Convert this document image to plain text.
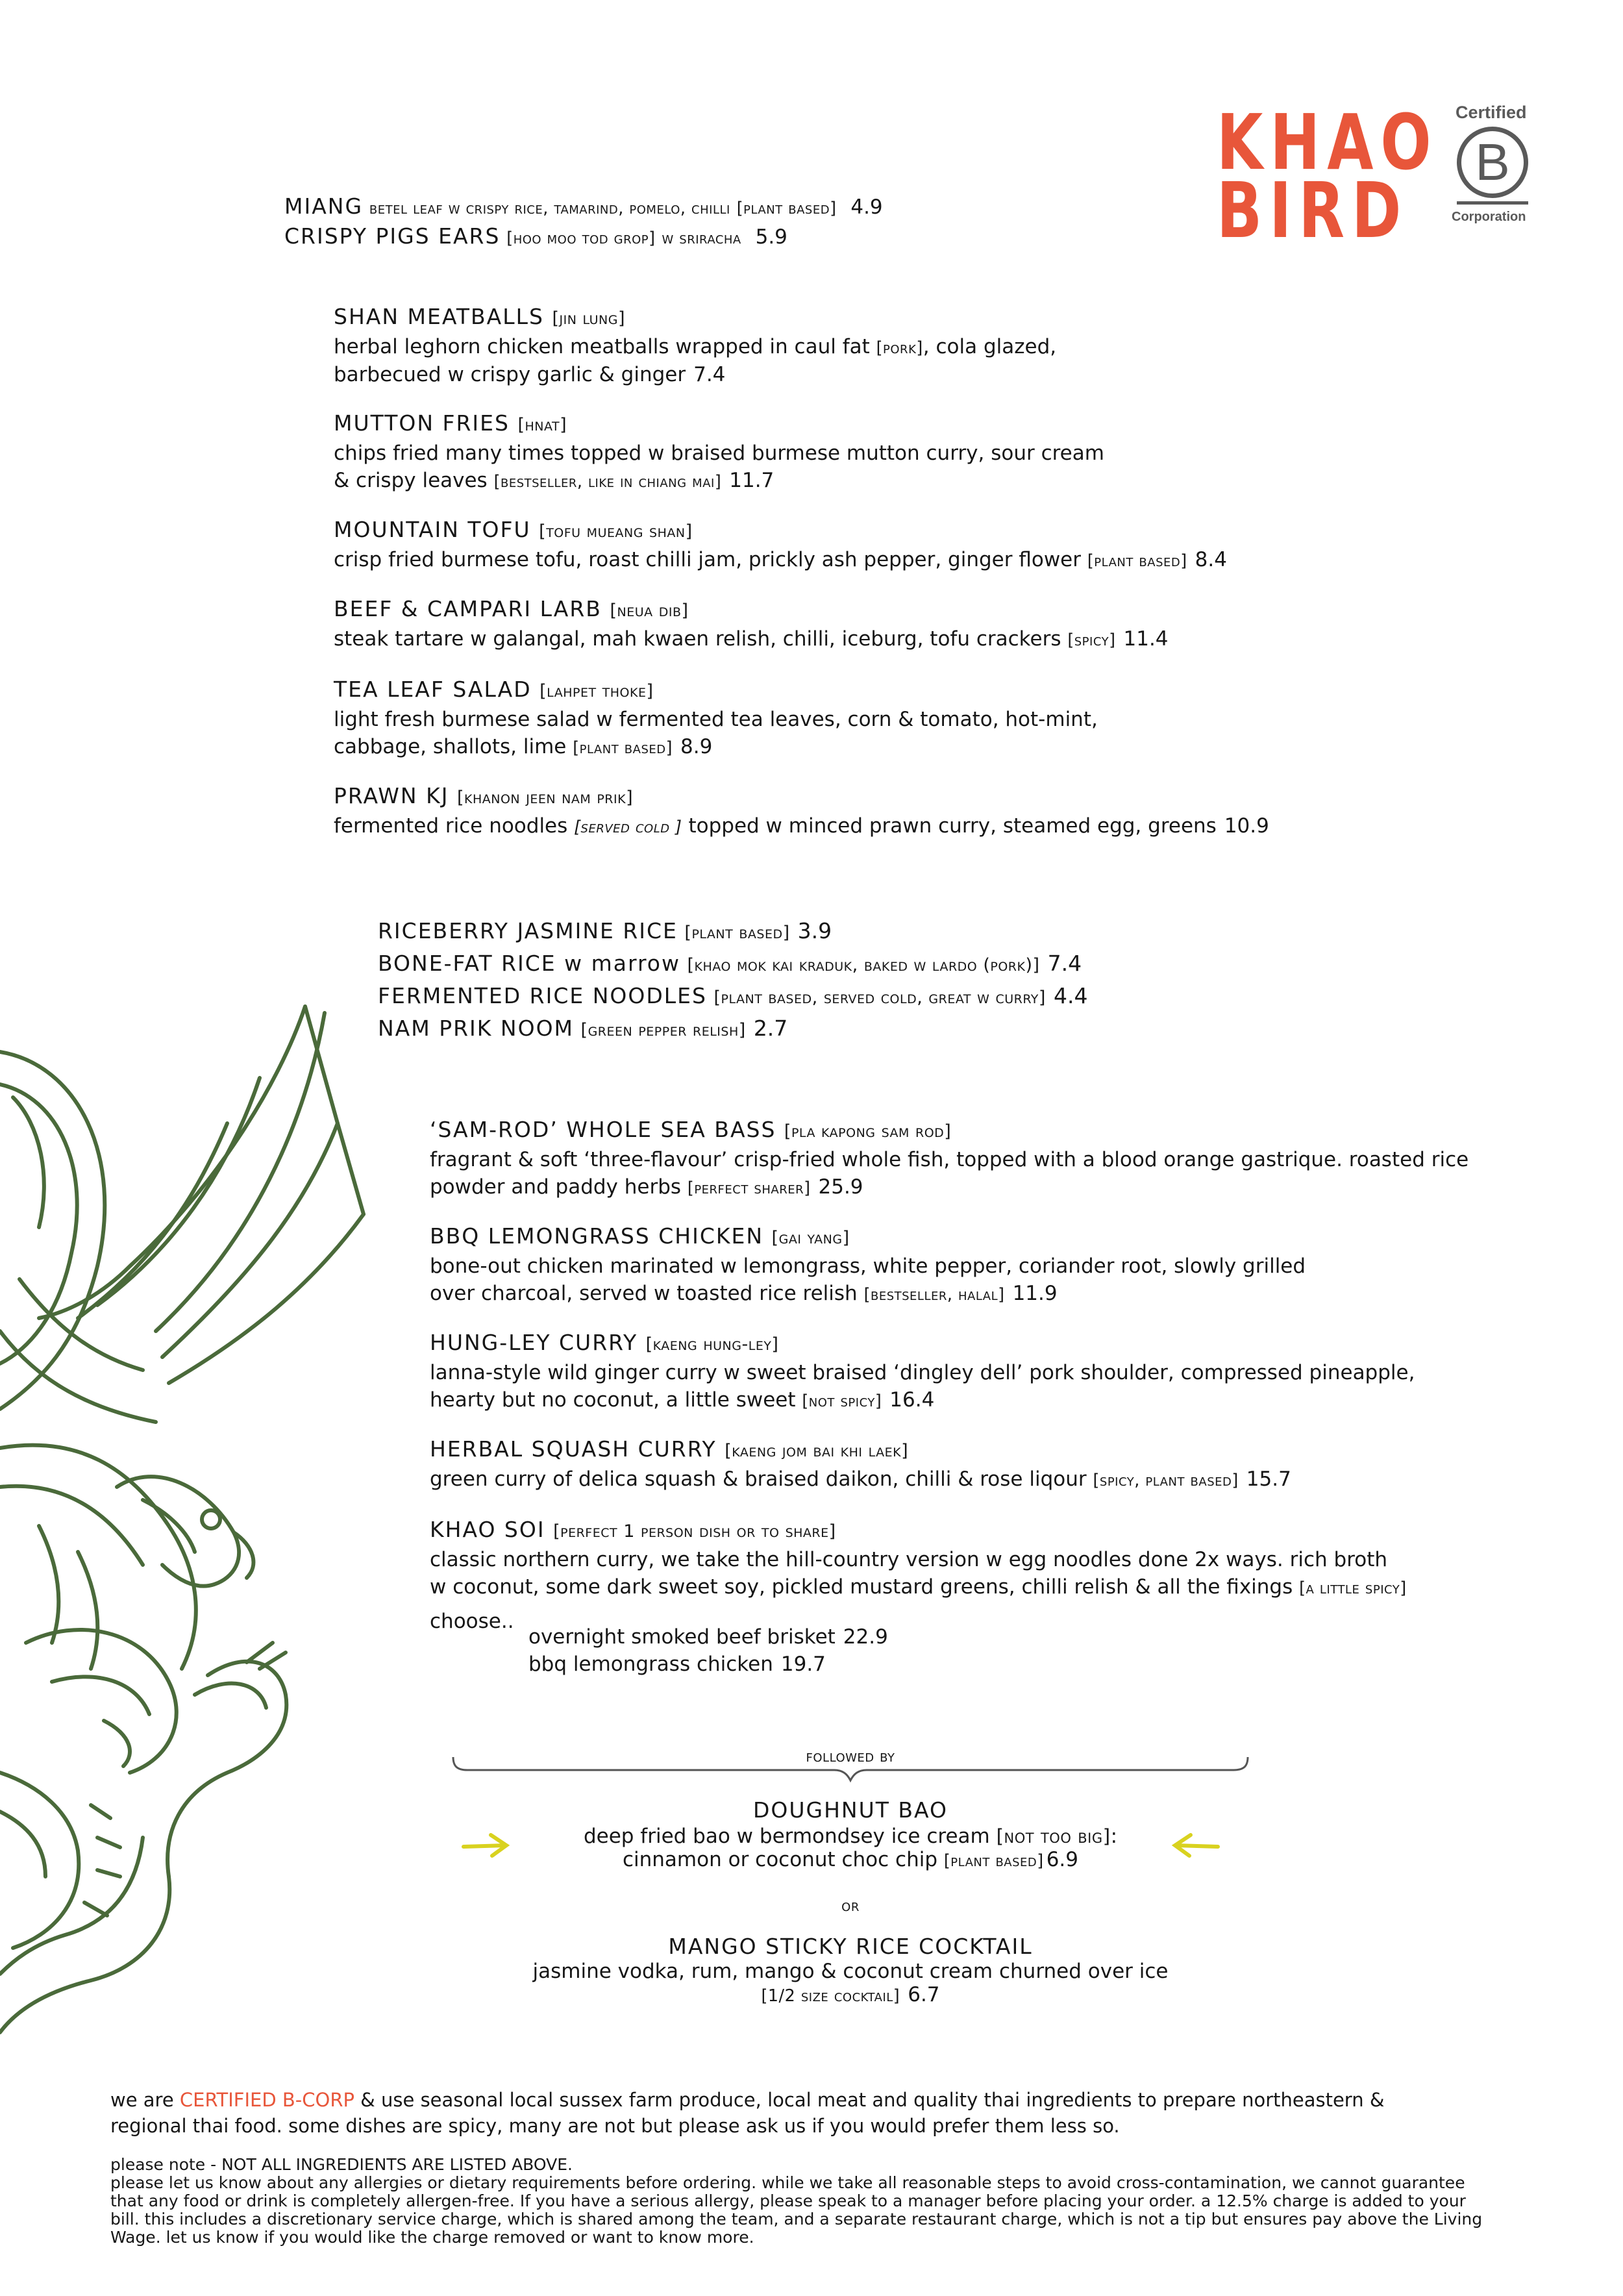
KHAO
BIRD
Certified
B
Corporation
MIANG betel leaf w crispy rice, tamarind, pomelo, chilli [plant based] 4.9
CRISPY PIGS EARS [hoo moo tod grop] w sriracha 5.9
SHAN MEATBALLS [jin lung]
herbal leghorn chicken meatballs wrapped in caul fat [pork], cola glazed,
barbecued w crispy garlic & ginger 7.4
MUTTON FRIES [hnat]
chips fried many times topped w braised burmese mutton curry, sour cream
& crispy leaves [bestseller, like in chiang mai] 11.7
MOUNTAIN TOFU [tofu mueang shan]
crisp fried burmese tofu, roast chilli jam, prickly ash pepper, ginger flower [plant based] 8.4
BEEF & CAMPARI LARB [neua dib]
steak tartare w galangal, mah kwaen relish, chilli, iceburg, tofu crackers [spicy] 11.4
TEA LEAF SALAD [lahpet thoke]
light fresh burmese salad w fermented tea leaves, corn & tomato, hot-mint,
cabbage, shallots, lime [plant based] 8.9
PRAWN KJ [khanon jeen nam prik]
fermented rice noodles [served cold ] topped w minced prawn curry, steamed egg, greens 10.9
RICEBERRY JASMINE RICE [plant based] 3.9
BONE-FAT RICE w marrow [khao mok kai kraduk, baked w lardo (pork)] 7.4
FERMENTED RICE NOODLES [plant based, served cold, great w curry] 4.4
NAM PRIK NOOM [green pepper relish] 2.7
‘SAM-ROD’ WHOLE SEA BASS [pla kapong sam rod]
fragrant & soft ‘three-flavour’ crisp-fried whole fish, topped with a blood orange gastrique. roasted rice
powder and paddy herbs [perfect sharer] 25.9
BBQ LEMONGRASS CHICKEN [gai yang]
bone-out chicken marinated w lemongrass, white pepper, coriander root, slowly grilled
over charcoal, served w toasted rice relish [bestseller, halal] 11.9
HUNG-LEY CURRY [kaeng hung-ley]
lanna-style wild ginger curry w sweet braised ‘dingley dell’ pork shoulder, compressed pineapple,
hearty but no coconut, a little sweet [not spicy] 16.4
HERBAL SQUASH CURRY [kaeng jom bai khi laek]
green curry of delica squash & braised daikon, chilli & rose liqour [spicy, plant based] 15.7
KHAO SOI [perfect 1 person dish or to share]
classic northern curry, we take the hill-country version w egg noodles done 2x ways. rich broth
w coconut, some dark sweet soy, pickled mustard greens, chilli relish & all the fixings [a little spicy]
choose..
overnight smoked beef brisket 22.9
bbq lemongrass chicken 19.7
followed by
DOUGHNUT BAO
deep fried bao w bermondsey ice cream [not too big]:
cinnamon or coconut choc chip [plant based] 6.9
or
MANGO STICKY RICE COCKTAIL
jasmine vodka, rum, mango & coconut cream churned over ice
[1/2 size cocktail] 6.7
we are CERTIFIED B-CORP & use seasonal local sussex farm produce, local meat and quality thai ingredients to prepare northeastern &
regional thai food. some dishes are spicy, many are not but please ask us if you would prefer them less so.
please note - NOT ALL INGREDIENTS ARE LISTED ABOVE.
please let us know about any allergies or dietary requirements before ordering. while we take all reasonable steps to avoid cross-contamination, we cannot guarantee
that any food or drink is completely allergen-free. If you have a serious allergy, please speak to a manager before placing your order. a 12.5% charge is added to your
bill. this includes a discretionary service charge, which is shared among the team, and a separate restaurant charge, which is not a tip but ensures pay above the Living
Wage. let us know if you would like the charge removed or want to know more.
